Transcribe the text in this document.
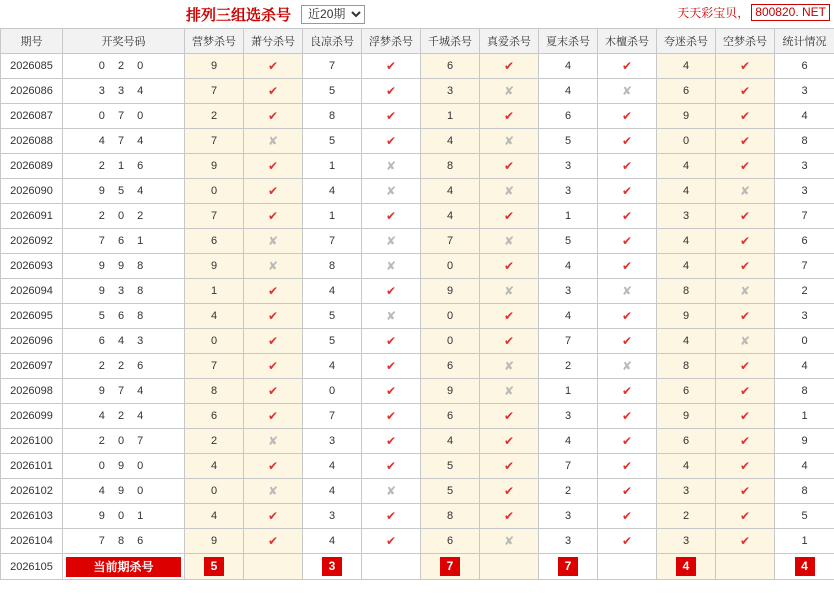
排列三组选杀号
近20期	天天彩宝贝， 800820. NET
期号	开奖号码	营梦杀号	萧兮杀号	良凉杀号	浮梦杀号	千城杀号	真爱杀号	夏末杀号	木檀杀号	夸迷杀号	空梦杀号	统计情况	
2026085	0 2 0	9	✔	7	✔	6	✔	4	✔	4	✔	6										
2026086	3 3 4	7	✔	5	✔	3	✘	4	✘	6	✔	3										
2026087	0 7 0	2	✔	8	✔	1	✔	6	✔	9	✔	4										
2026088	4 7 4	7	✘	5	✔	4	✘	5	✔	0	✔	8										
2026089	2 1 6	9	✔	1	✘	8	✔	3	✔	4	✔	3										
2026090	9 5 4	0	✔	4	✘	4	✘	3	✔	4	✘	3										
2026091	2 0 2	7	✔	1	✔	4	✔	1	✔	3	✔	7										
2026092	7 6 1	6	✘	7	✘	7	✘	5	✔	4	✔	6										
2026093	9 9 8	9	✘	8	✘	0	✔	4	✔	4	✔	7										
2026094	9 3 8	1	✔	4	✔	9	✘	3	✘	8	✘	2										
2026095	5 6 8	4	✔	5	✘	0	✔	4	✔	9	✔	3										
2026096	6 4 3	0	✔	5	✔	0	✔	7	✔	4	✘	0										
2026097	2 2 6	7	✔	4	✔	6	✘	2	✘	8	✔	4										
2026098	9 7 4	8	✔	0	✔	9	✘	1	✔	6	✔	8										
2026099	4 2 4	6	✔	7	✔	6	✔	3	✔	9	✔	1										
2026100	2 0 7	2	✘	3	✔	4	✔	4	✔	6	✔	9										
2026101	0 9 0	4	✔	4	✔	5	✔	7	✔	4	✔	4										

2026102	4 9 0	0	✘	4	✘	5	✔	2	✔	3	✔	8										
2026103	9 0 1	4	✔	3	✔	8	✔	3	✔	2	✔	5										

2026104	7 8 6	9	✔	4	✔	6	✘	3	✔	3	✔	1										
2026105	当前期杀号	5		3		7		7		4		4										
